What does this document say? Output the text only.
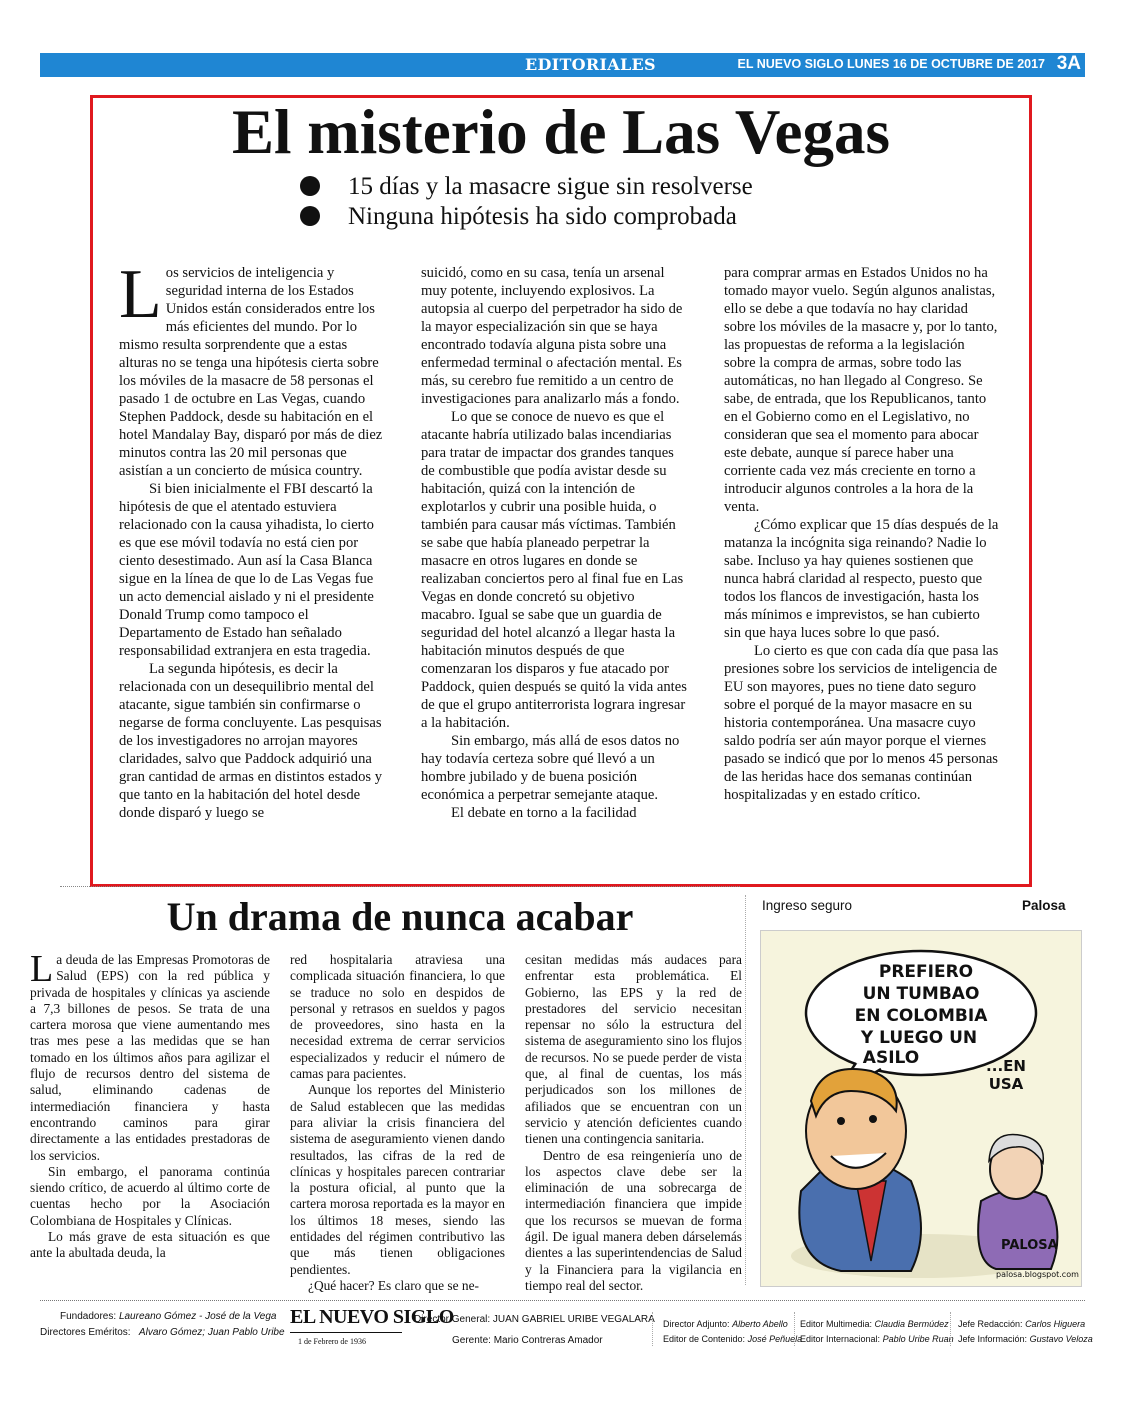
EDITORIALES	EL NUEVO SIGLO LUNES 16 DE OCTUBRE DE 2017 3A
El misterio de Las Vegas
15 días y la masacre sigue sin resolverse
Ninguna hipótesis ha sido comprobada

Los servicios de inteligencia y seguridad interna de los Estados Unidos están considerados entre los más eficientes del mundo. Por lo mismo resulta sorprendente que a estas alturas no se tenga una hipótesis cierta sobre los móviles de la masacre de 58 personas el pasado 1 de octubre en Las Vegas, cuando Stephen Paddock, desde su habitación en el hotel Mandalay Bay, disparó por más de diez minutos contra las 20 mil personas que asistían a un concierto de música country.

Si bien inicialmente el FBI descartó la hipótesis de que el atentado estuviera relacionado con la causa yihadista, lo cierto es que ese móvil todavía no está cien por ciento desestimado. Aun así la Casa Blanca sigue en la línea de que lo de Las Vegas fue un acto demencial aislado y ni el presidente Donald Trump como tampoco el Departamento de Estado han señalado responsabilidad extranjera en esta tragedia.

La segunda hipótesis, es decir la relacionada con un desequilibrio mental del atacante, sigue también sin confirmarse o negarse de forma concluyente. Las pesquisas de los investigadores no arrojan mayores claridades, salvo que Paddock adquirió una gran cantidad de armas en distintos estados y que tanto en la habitación del hotel desde donde disparó y luego se

suicidó, como en su casa, tenía un arsenal muy potente, incluyendo explosivos. La autopsia al cuerpo del perpetrador ha sido de la mayor especialización sin que se haya encontrado todavía alguna pista sobre una enfermedad terminal o afectación mental. Es más, su cerebro fue remitido a un centro de investigaciones para analizarlo más a fondo.

Lo que se conoce de nuevo es que el atacante habría utilizado balas incendiarias para tratar de impactar dos grandes tanques de combustible que podía avistar desde su habitación, quizá con la intención de explotarlos y cubrir una posible huida, o también para causar más víctimas. También se sabe que había planeado perpetrar la masacre en otros lugares en donde se realizaban conciertos pero al final fue en Las Vegas en donde concretó su objetivo macabro. Igual se sabe que un guardia de seguridad del hotel alcanzó a llegar hasta la habitación minutos después de que comenzaran los disparos y fue atacado por Paddock, quien después se quitó la vida antes de que el grupo antiterrorista lograra ingresar a la habitación.

Sin embargo, más allá de esos datos no hay todavía certeza sobre qué llevó a un hombre jubilado y de buena posición económica a perpetrar semejante ataque.

El debate en torno a la facilidad

para comprar armas en Estados Unidos no ha tomado mayor vuelo. Según algunos analistas, ello se debe a que todavía no hay claridad sobre los móviles de la masacre y, por lo tanto, las propuestas de reforma a la legislación sobre la compra de armas, sobre todo las automáticas, no han llegado al Congreso. Se sabe, de entrada, que los Republicanos, tanto en el Gobierno como en el Legislativo, no consideran que sea el momento para abocar este debate, aunque sí parece haber una corriente cada vez más creciente en torno a introducir algunos controles a la hora de la venta.

¿Cómo explicar que 15 días después de la matanza la incógnita siga reinando? Nadie lo sabe. Incluso ya hay quienes sostienen que nunca habrá claridad al respecto, puesto que todos los flancos de investigación, hasta los más mínimos e imprevistos, se han cubierto sin que haya luces sobre lo que pasó.

Lo cierto es que con cada día que pasa las presiones sobre los servicios de inteligencia de EU son mayores, pues no tiene dato seguro sobre el porqué de la mayor masacre en su historia contemporánea. Una masacre cuyo saldo podría ser aún mayor porque el viernes pasado se indicó que por lo menos 45 personas de las heridas hace dos semanas continúan hospitalizadas y en estado crítico.

Un drama de nunca acabar

La deuda de las Empresas Promotoras de Salud (EPS) con la red pública y privada de hospitales y clínicas ya asciende a 7,3 billones de pesos. Se trata de una cartera morosa que viene aumentando mes tras mes pese a las medidas que se han tomado en los últimos años para agilizar el flujo de recursos dentro del sistema de salud, eliminando cadenas de intermediación financiera y hasta encontrando caminos para girar directamente a las entidades prestadoras de los servicios.

Sin embargo, el panorama continúa siendo crítico, de acuerdo al último corte de cuentas hecho por la Asociación Colombiana de Hospitales y Clínicas.

Lo más grave de esta situación es que ante la abultada deuda, la

red hospitalaria atraviesa una complicada situación financiera, lo que se traduce no solo en despidos de personal y retrasos en sueldos y pagos de proveedores, sino hasta en la necesidad extrema de cerrar servicios especializados y reducir el número de camas para pacientes.

Aunque los reportes del Ministerio de Salud establecen que las medidas para aliviar la crisis financiera del sistema de aseguramiento vienen dando resultados, las cifras de la red de clínicas y hospitales parecen contrariar la postura oficial, al punto que la cartera morosa reportada es la mayor en los últimos 18 meses, siendo las entidades del régimen contributivo las que más tienen obligaciones pendientes.

¿Qué hacer? Es claro que se ne-

cesitan medidas más audaces para enfrentar esta problemática. El Gobierno, las EPS y la red de prestadores del servicio necesitan repensar no sólo la estructura del sistema de aseguramiento sino los flujos de recursos. No se puede perder de vista que, al final de cuentas, los más perjudicados son los millones de afiliados que se encuentran con un servicio y atención deficientes cuando tienen una contingencia sanitaria.

Dentro de esa reingeniería uno de los aspectos clave debe ser la eliminación de una sobrecarga de intermediación financiera que impide que los recursos se muevan de forma ágil. De igual manera deben dárselemás dientes a las superintendencias de Salud y la Financiera para la vigilancia en tiempo real del sector.

Ingreso seguro	Palosa
PREFIERO
UN TUMBAO
EN COLOMBIA
Y LUEGO UN
ASILO	...EN
USA
PALOSA
palosa.blogspot.com
Fundadores: Laureano Gómez - José de la Vega
Directores Eméritos: Alvaro Gómez; Juan Pablo Uribe
EL NUEVO SIGLO
1 de Febrero de 1936
Director General: JUAN GABRIEL URIBE VEGALARA
Gerente: Mario Contreras Amador
Director Adjunto: Alberto Abello
Editor de Contenido: José Peñuela
Editor Multimedia: Claudia Bermúdez
Editor Internacional: Pablo Uribe Ruan
Jefe Redacción: Carlos Higuera
Jefe Información: Gustavo Veloza
